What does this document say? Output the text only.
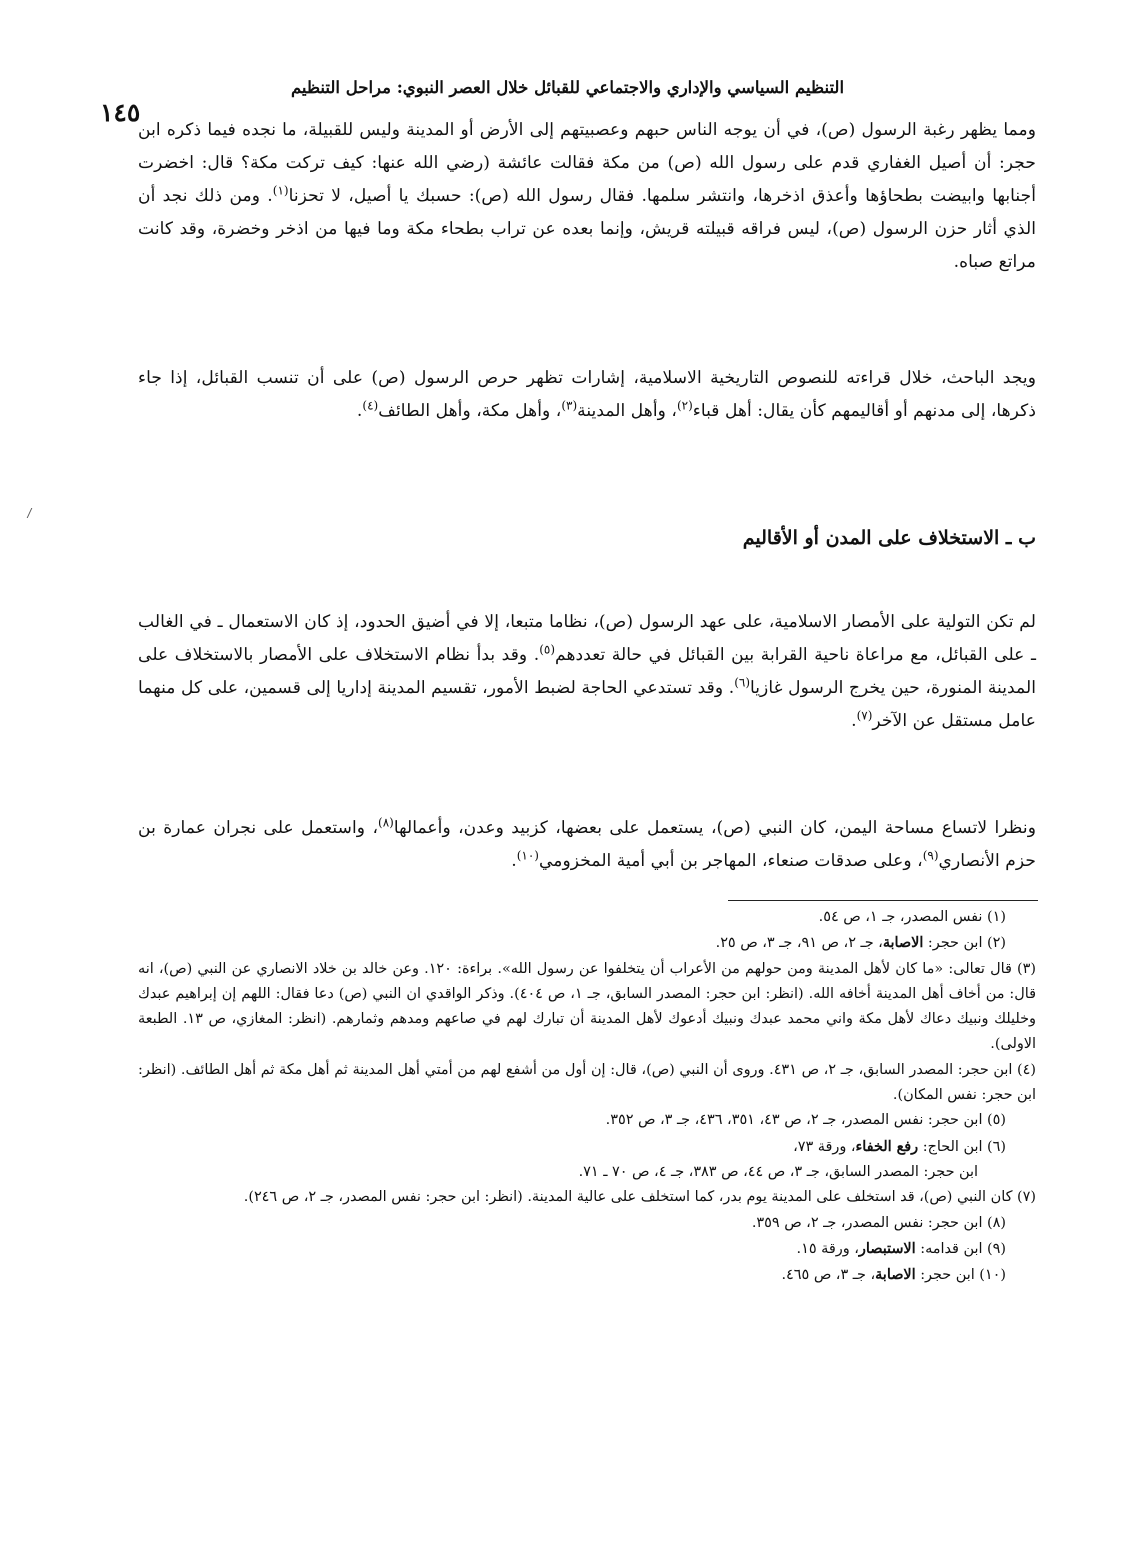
التنظيم السياسي والإداري والاجتماعي للقبائل خلال العصر النبوي: مراحل التنظيم
١٤٥

ومما يظهر رغبة الرسول (ص)، في أن يوجه الناس حبهم وعصبيتهم إلى الأرض أو المدينة وليس للقبيلة، ما نجده فيما ذكره ابن حجر: أن أصيل الغفاري قدم على رسول الله (ص) من مكة فقالت عائشة (رضي الله عنها: كيف تركت مكة؟ قال: اخضرت أجنابها وابيضت بطحاؤها وأعذق اذخرها، وانتشر سلمها. فقال رسول الله (ص): حسبك يا أصيل، لا تحزنا$^{(١)}$. ومن ذلك نجد أن الذي أثار حزن الرسول (ص)، ليس فراقه قبيلته قريش، وإنما بعده عن تراب بطحاء مكة وما فيها من اذخر وخضرة، وقد كانت مراتع صباه.

ويجد الباحث، خلال قراءته للنصوص التاريخية الاسلامية، إشارات تظهر حرص الرسول (ص) على أن تنسب القبائل، إذا جاء ذكرها، إلى مدنهم أو أقاليمهم كأن يقال: أهل قباء$^{(٢)}$، وأهل المدينة$^{(٣)}$، وأهل مكة، وأهل الطائف$^{(٤)}$.

ب ـ الاستخلاف على المدن أو الأقاليم

لم تكن التولية على الأمصار الاسلامية، على عهد الرسول (ص)، نظاما متبعا، إلا في أضيق الحدود، إذ كان الاستعمال ـ في الغالب ـ على القبائل، مع مراعاة ناحية القرابة بين القبائل في حالة تعددهم$^{(٥)}$. وقد بدأ نظام الاستخلاف على الأمصار بالاستخلاف على المدينة المنورة، حين يخرج الرسول غازيا$^{(٦)}$. وقد تستدعي الحاجة لضبط الأمور، تقسيم المدينة إداريا إلى قسمين، على كل منهما عامل مستقل عن الآخر$^{(٧)}$.

ونظرا لاتساع مساحة اليمن، كان النبي (ص)، يستعمل على بعضها، كزبيد وعدن، وأعمالها$^{(٨)}$، واستعمل على نجران عمارة بن حزم الأنصاري$^{(٩)}$، وعلى صدقات صنعاء، المهاجر بن أبي أمية المخزومي$^{(١٠)}$.

(١) نفس المصدر، جـ ١، ص ٥٤.

(٢) ابن حجر: الاصابة، جـ ٢، ص ٩١، جـ ٣، ص ٢٥.

(٣) قال تعالى: «ما كان لأهل المدينة ومن حولهم من الأعراب أن يتخلفوا عن رسول الله». براءة: ١٢٠. وعن خالد بن خلاد الانصاري عن النبي (ص)، انه قال: من أخاف أهل المدينة أخافه الله. (انظر: ابن حجر: المصدر السابق، جـ ١، ص ٤٠٤). وذكر الواقدي ان النبي (ص) دعا فقال: اللهم إن إبراهيم عبدك وخليلك ونبيك دعاك لأهل مكة واني محمد عبدك ونبيك أدعوك لأهل المدينة أن تبارك لهم في صاعهم ومدهم وثمارهم. (انظر: المغازي، ص ١٣. الطبعة الاولى).

(٤) ابن حجر: المصدر السابق، جـ ٢، ص ٤٣١. وروى أن النبي (ص)، قال: إن أول من أشفع لهم من أمتي أهل المدينة ثم أهل مكة ثم أهل الطائف. (انظر: ابن حجر: نفس المكان).

(٥) ابن حجر: نفس المصدر، جـ ٢، ص ٤٣، ٣٥١، ٤٣٦، جـ ٣، ص ٣٥٢.

(٦) ابن الحاج: رفع الخفاء، ورقة ٧٣،

ابن حجر: المصدر السابق، جـ ٣، ص ٤٤، ص ٣٨٣، جـ ٤، ص ٧٠ ـ ٧١.

(٧) كان النبي (ص)، قد استخلف على المدينة يوم بدر، كما استخلف على عالية المدينة. (انظر: ابن حجر: نفس المصدر، جـ ٢، ص ٢٤٦).

(٨) ابن حجر: نفس المصدر، جـ ٢، ص ٣٥٩.

(٩) ابن قدامه: الاستبصار، ورقة ١٥.

(١٠) ابن حجر: الاصابة، جـ ٣، ص ٤٦٥.
